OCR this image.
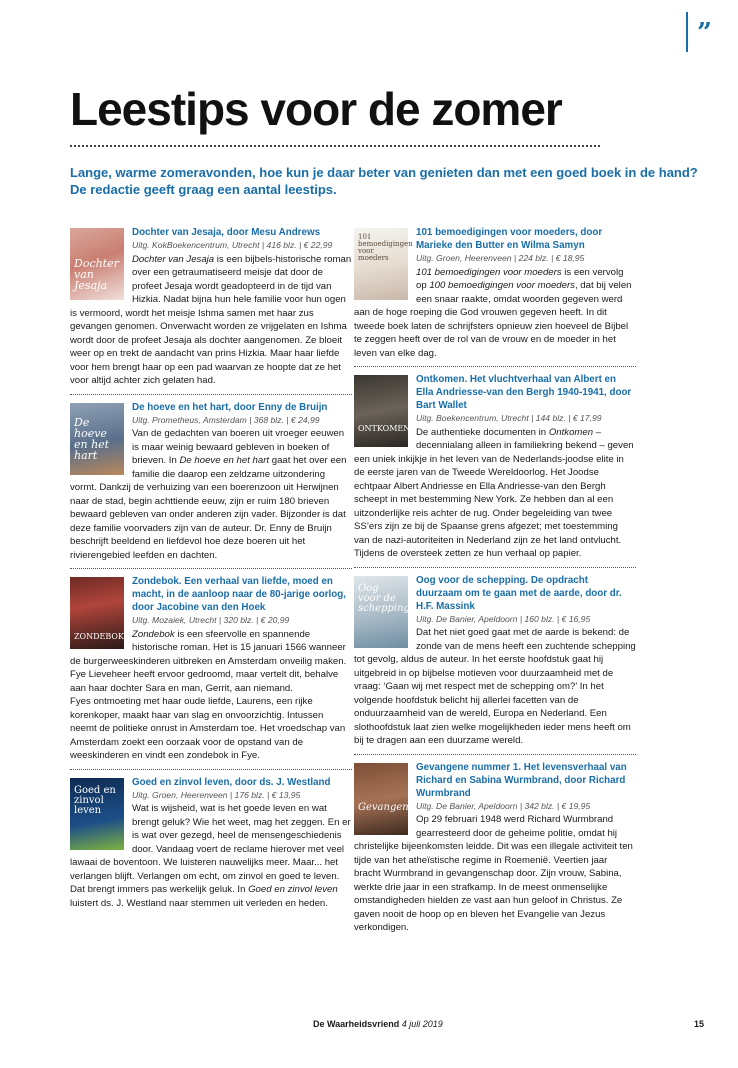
”
Leestips voor de zomer
Lange, warme zomeravonden, hoe kun je daar beter van genieten dan met een goed boek in de hand?
De redactie geeft graag een aantal leestips.
Dochter van Jesaja
Dochter van Jesaja, door Mesu Andrews
Uitg. KokBoekencentrum, Utrecht | 416 blz. | € 22,99
Dochter van Jesaja is een bijbels-historische roman over een getraumatiseerd meisje dat door de profeet Jesaja wordt geadopteerd in de tijd van Hizkia. Nadat bijna hun hele familie voor hun ogen is vermoord, wordt het meisje Ishma samen met haar zus gevangen genomen. Onverwacht worden ze vrijgelaten en Ishma wordt door de profeet Jesaja als dochter aangenomen. Ze bloeit weer op en trekt de aandacht van prins Hizkia. Maar haar liefde voor hem brengt haar op een pad waarvan ze hoopte dat ze het voor altijd achter zich gelaten had.
De hoeve en het hart
De hoeve en het hart, door Enny de Bruijn
Uitg. Prometheus, Amsterdam | 368 blz. | € 24,99
Van de gedachten van boeren uit vroeger eeuwen is maar weinig bewaard gebleven in boeken of brieven. In De hoeve en het hart gaat het over een familie die daarop een zeldzame uitzondering vormt. Dankzij de verhuizing van een boerenzoon uit Herwijnen naar de stad, begin achttiende eeuw, zijn er ruim 180 brieven bewaard gebleven van onder anderen zijn vader. Bijzonder is dat deze familie voorvaders zijn van de auteur. Dr. Enny de Bruijn beschrijft beeldend en liefdevol hoe deze boeren uit het rivierengebied leefden en dachten.
ZONDEBOK
Zondebok. Een verhaal van liefde, moed en macht, in de aanloop naar de 80-jarige oorlog, door Jacobine van den Hoek
Uitg. Mozaiek, Utrecht | 320 blz. | € 20,99
Zondebok is een sfeervolle en spannende historische roman. Het is 15 januari 1566 wanneer de burgerweeskinderen uitbreken en Amsterdam onveilig maken. Fye Lieveheer heeft ervoor gedroomd, maar vertelt dit, behalve aan haar dochter Sara en man, Gerrit, aan niemand.
Fyes ontmoeting met haar oude liefde, Laurens, een rijke korenkoper, maakt haar van slag en onvoorzichtig. Intussen neemt de politieke onrust in Amsterdam toe. Het vroedschap van Amsterdam zoekt een oorzaak voor de opstand van de weeskinderen en vindt een zondebok in Fye.
Goed en zinvol leven
Goed en zinvol leven, door ds. J. Westland
Uitg. Groen, Heerenveen | 176 blz. | € 13,95
Wat is wijsheid, wat is het goede leven en wat brengt geluk? Wie het weet, mag het zeggen. En er is wat over gezegd, heel de mensengeschiedenis door. Vandaag voert de reclame hierover met veel lawaai de boventoon. We luisteren nauwelijks meer. Maar... het verlangen blijft. Verlangen om echt, om zinvol en goed te leven. Dat brengt immers pas werkelijk geluk. In Goed en zinvol leven luistert ds. J. Westland naar stemmen uit verleden en heden.
101 bemoedigingen voor moeders
101 bemoedigingen voor moeders, door Marieke den Butter en Wilma Samyn
Uitg. Groen, Heerenveen | 224 blz. | € 18,95
101 bemoedigingen voor moeders is een vervolg op 100 bemoedigingen voor moeders, dat bij velen een snaar raakte, omdat woorden gegeven werd aan de hoge roeping die God vrouwen gegeven heeft. In dit tweede boek laten de schrijfsters opnieuw zien hoeveel de Bijbel te zeggen heeft over de rol van de vrouw en de moeder in het leven van elke dag.
ONTKOMEN
Ontkomen. Het vluchtverhaal van Albert en Ella Andriesse-van den Bergh 1940-1941, door Bart Wallet
Uitg. Boekencentrum, Utrecht | 144 blz. | € 17,99
De authentieke documenten in Ontkomen – decennialang alleen in familiekring bekend – geven een uniek inkijkje in het leven van de Nederlands-joodse elite in de eerste jaren van de Tweede Wereldoorlog. Het Joodse echtpaar Albert Andriesse en Ella Andriesse-van den Bergh scheept in met bestemming New York. Ze hebben dan al een uitzonderlijke reis achter de rug. Onder begeleiding van twee SS’ers zijn ze bij de Spaanse grens afgezet; met toestemming van de nazi-autoriteiten in Nederland zijn ze het land ontvlucht. Tijdens de oversteek zetten ze hun verhaal op papier.
Oog voor de schepping
Oog voor de schepping. De opdracht duurzaam om te gaan met de aarde, door dr. H.F. Massink
Uitg. De Banier, Apeldoorn | 160 blz. | € 16,95
Dat het niet goed gaat met de aarde is bekend: de zonde van de mens heeft een zuchtende schepping tot gevolg, aldus de auteur. In het eerste hoofdstuk gaat hij uitgebreid in op bijbelse motieven voor duurzaamheid met de vraag: ‘Gaan wij met respect met de schepping om?’ In het volgende hoofdstuk belicht hij allerlei facetten van de onduurzaamheid van de wereld, Europa en Nederland. Een slothoofdstuk laat zien welke mogelijkheden ieder mens heeft om bij te dragen aan een duurzame wereld.
Gevangene
Gevangene nummer 1. Het levensverhaal van Richard en Sabina Wurmbrand, door Richard Wurmbrand
Uitg. De Banier, Apeldoorn | 342 blz. | € 19,95
Op 29 februari 1948 werd Richard Wurmbrand gearresteerd door de geheime politie, omdat hij christelijke bijeenkomsten leidde. Dit was een illegale activiteit ten tijde van het atheïstische regime in Roemenië. Veertien jaar bracht Wurmbrand in gevangenschap door. Zijn vrouw, Sabina, werkte drie jaar in een strafkamp. In de meest onmenselijke omstandigheden hielden ze vast aan hun geloof in Christus. Ze gaven nooit de hoop op en bleven het Evangelie van Jezus verkondigen.
De Waarheidsvriend 4 juli 2019	15
